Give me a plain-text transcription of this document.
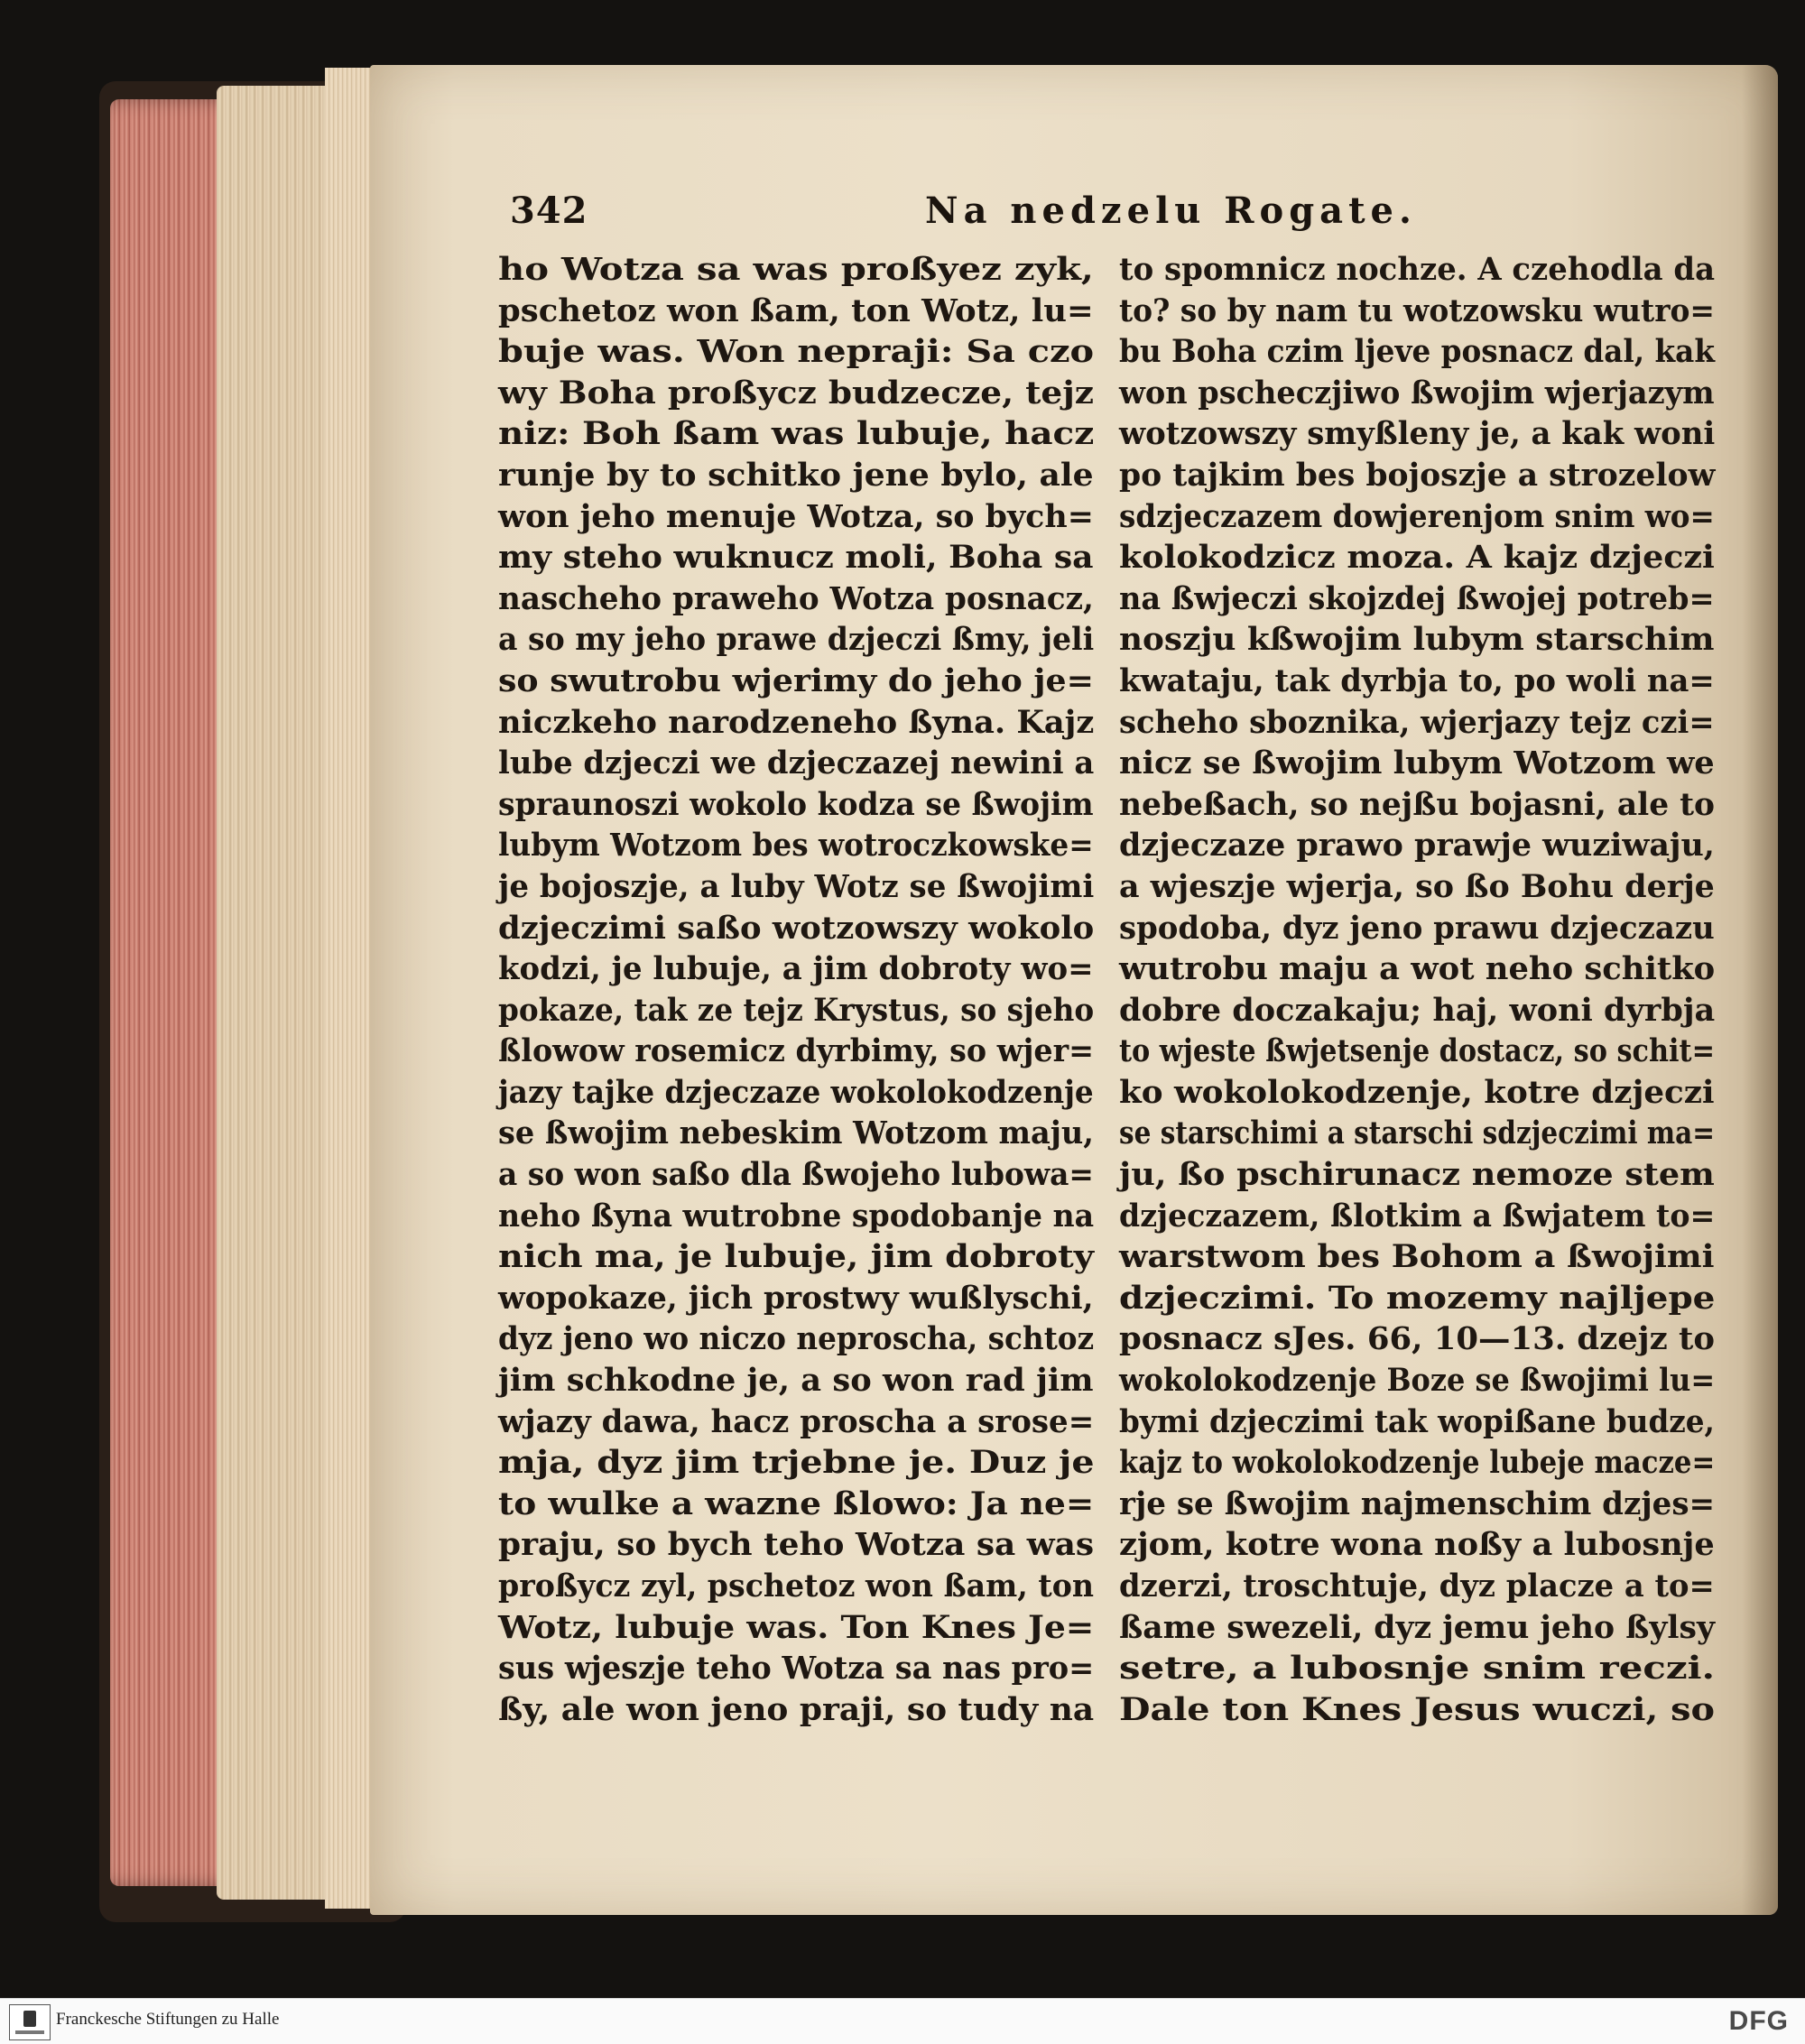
342	Na nedzelu Rogate.
ho Wotza sa was proßyez zyk,
pschetoz won ßam, ton Wotz, lu=
buje was. Won nepraji: Sa czo
wy Boha proßycz budzecze, tejz
niz: Boh ßam was lubuje, hacz
runje by to schitko jene bylo, ale
won jeho menuje Wotza, so bych=
my steho wuknucz moli, Boha sa
nascheho praweho Wotza posnacz,
a so my jeho prawe dzjeczi ßmy, jeli
so swutrobu wjerimy do jeho je=
niczkeho narodzeneho ßyna. Kajz
lube dzjeczi we dzjeczazej newini a
spraunoszi wokolo kodza se ßwojim
lubym Wotzom bes wotroczkowske=
je bojoszje, a luby Wotz se ßwojimi
dzjeczimi saßo wotzowszy wokolo
kodzi, je lubuje, a jim dobroty wo=
pokaze, tak ze tejz Krystus, so sjeho
ßlowow rosemicz dyrbimy, so wjer=
jazy tajke dzjeczaze wokolokodzenje
se ßwojim nebeskim Wotzom maju,
a so won saßo dla ßwojeho lubowa=
neho ßyna wutrobne spodobanje na
nich ma, je lubuje, jim dobroty
wopokaze, jich prostwy wußlyschi,
dyz jeno wo niczo neproscha, schtoz
jim schkodne je, a so won rad jim
wjazy dawa, hacz proscha a srose=
mja, dyz jim trjebne je. Duz je
to wulke a wazne ßlowo: Ja ne=
praju, so bych teho Wotza sa was
proßycz zyl, pschetoz won ßam, ton
Wotz, lubuje was. Ton Knes Je=
sus wjeszje teho Wotza sa nas pro=
ßy, ale won jeno praji, so tudy na
to spomnicz nochze. A czehodla da
to? so by nam tu wotzowsku wutro=
bu Boha czim ljeve posnacz dal, kak
won pscheczjiwo ßwojim wjerjazym
wotzowszy smyßleny je, a kak woni
po tajkim bes bojoszje a strozelow
sdzjeczazem dowjerenjom snim wo=
kolokodzicz moza. A kajz dzjeczi
na ßwjeczi skojzdej ßwojej potreb=
noszju kßwojim lubym starschim
kwataju, tak dyrbja to, po woli na=
scheho sboznika, wjerjazy tejz czi=
nicz se ßwojim lubym Wotzom we
nebeßach, so nejßu bojasni, ale to
dzjeczaze prawo prawje wuziwaju,
a wjeszje wjerja, so ßo Bohu derje
spodoba, dyz jeno prawu dzjeczazu
wutrobu maju a wot neho schitko
dobre doczakaju; haj, woni dyrbja
to wjeste ßwjetsenje dostacz, so schit=
ko wokolokodzenje, kotre dzjeczi
se starschimi a starschi sdzjeczimi ma=
ju, ßo pschirunacz nemoze stem
dzjeczazem, ßlotkim a ßwjatem to=
warstwom bes Bohom a ßwojimi
dzjeczimi. To mozemy najljepe
posnacz sJes. 66, 10—13. dzejz to
wokolokodzenje Boze se ßwojimi lu=
bymi dzjeczimi tak wopißane budze,
kajz to wokolokodzenje lubeje macze=
rje se ßwojim najmenschim dzjes=
zjom, kotre wona noßy a lubosnje
dzerzi, troschtuje, dyz placze a to=
ßame swezeli, dyz jemu jeho ßylsy
setre, a lubosnje snim reczi.
Dale ton Knes Jesus wuczi, so
Franckesche Stiftungen zu Halle	DFG
